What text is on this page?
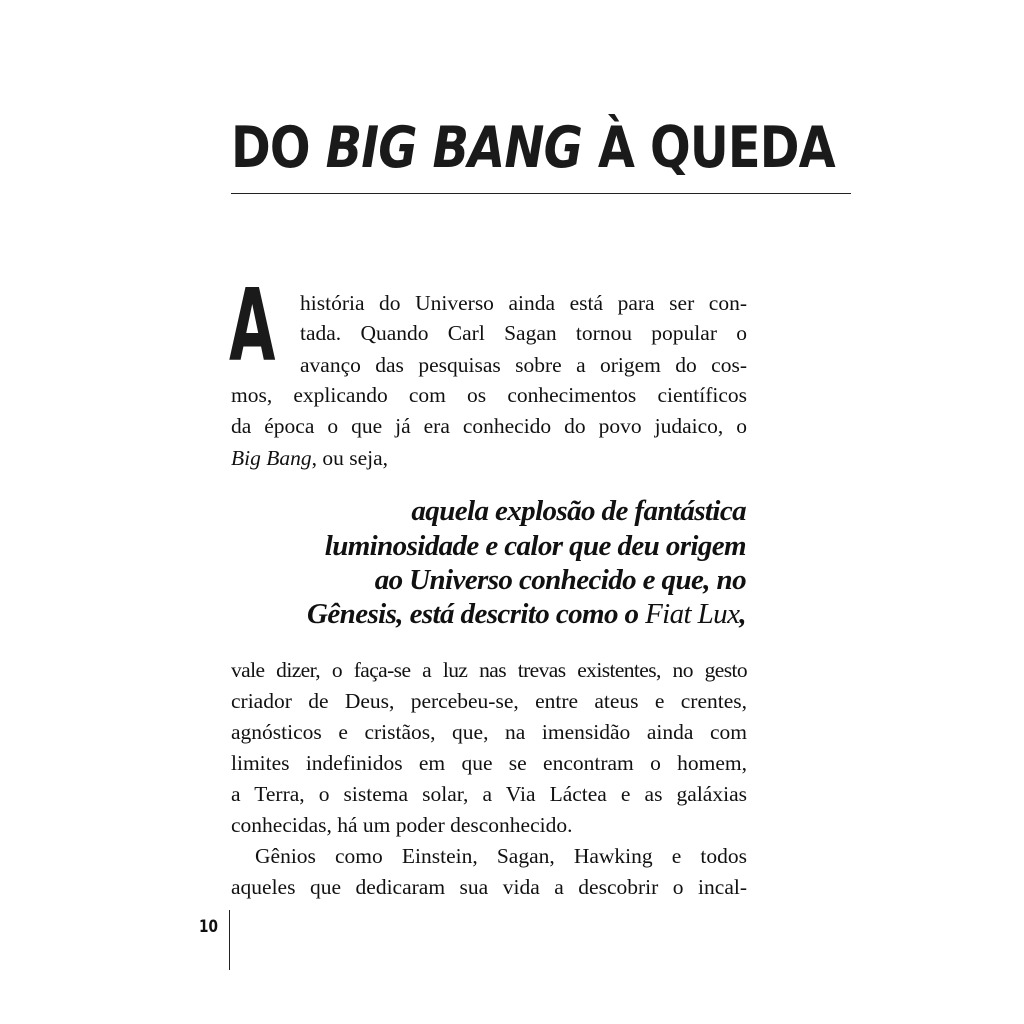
DO BIG BANG À QUEDA
A história do Universo ainda está para ser con-

tada. Quando Carl Sagan tornou popular o

avanço das pesquisas sobre a origem do cos-

mos, explicando com os conhecimentos científicos

da época o que já era conhecido do povo judaico, o

Big Bang, ou seja,

aquela explosão de fantástica

luminosidade e calor que deu origem

ao Universo conhecido e que, no

Gênesis, está descrito como o Fiat Lux,

vale dizer, o faça-se a luz nas trevas existentes, no gesto

criador de Deus, percebeu-se, entre ateus e crentes,

agnósticos e cristãos, que, na imensidão ainda com

limites indefinidos em que se encontram o homem,

a Terra, o sistema solar, a Via Láctea e as galáxias

conhecidas, há um poder desconhecido.

Gênios como Einstein, Sagan, Hawking e todos

aqueles que dedicaram sua vida a descobrir o incal-

10
